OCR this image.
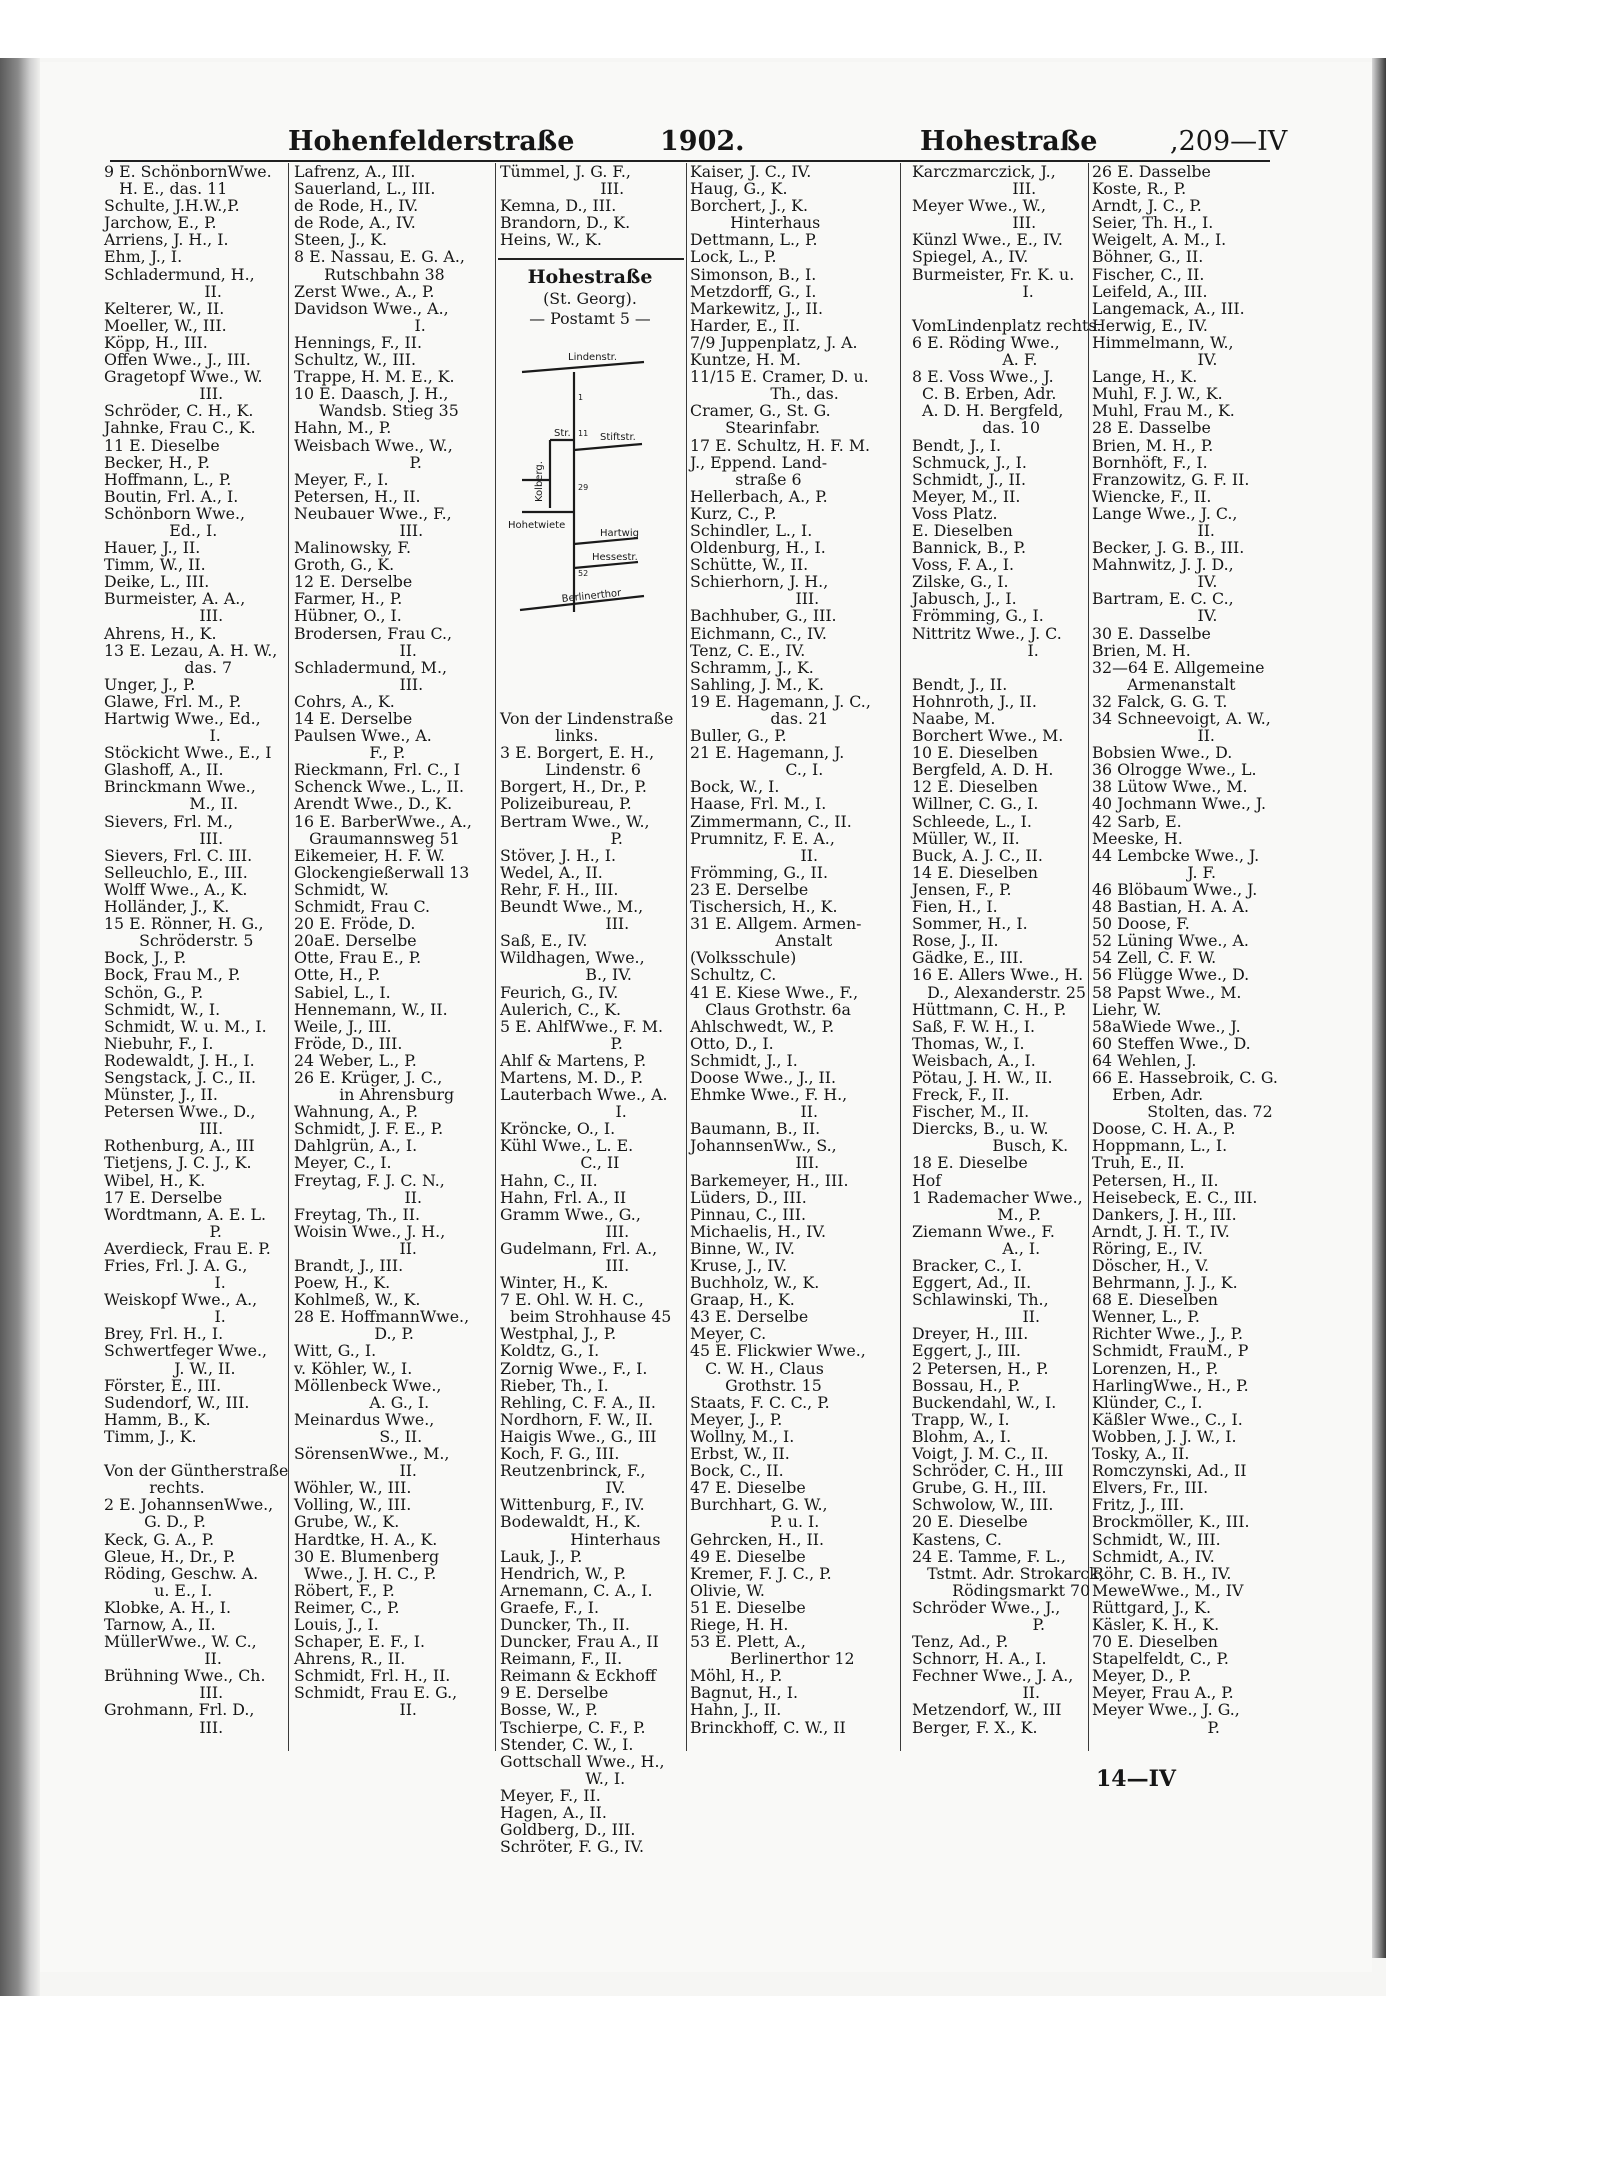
Hohenfelderstraße	1902.	Hohestraße	,209—IV
9 E. SchönbornWwe.
H. E., das. 11
Schulte, J.H.W.,P.
Jarchow, E., P.
Arriens, J. H., I.
Ehm, J., I.
Schladermund, H.,
II.
Kelterer, W., II.
Moeller, W., III.
Köpp, H., III.
Offen Wwe., J., III.
Gragetopf Wwe., W.
III.
Schröder, C. H., K.
Jahnke, Frau C., K.
11 E. Dieselbe
Becker, H., P.
Hoffmann, L., P.
Boutin, Frl. A., I.
Schönborn Wwe.,
Ed., I.
Hauer, J., II.
Timm, W., II.
Deike, L., III.
Burmeister, A. A.,
III.
Ahrens, H., K.
13 E. Lezau, A. H. W.,
das. 7
Unger, J., P.
Glawe, Frl. M., P.
Hartwig Wwe., Ed.,
I.
Stöckicht Wwe., E., I
Glashoff, A., II.
Brinckmann Wwe.,
M., II.
Sievers, Frl. M.,
III.
Sievers, Frl. C. III.
Selleuchlo, E., III.
Wolff Wwe., A., K.
Holländer, J., K.
15 E. Rönner, H. G.,
Schröderstr. 5
Bock, J., P.
Bock, Frau M., P.
Schön, G., P.
Schmidt, W., I.
Schmidt, W. u. M., I.
Niebuhr, F., I.
Rodewaldt, J. H., I.
Sengstack, J. C., II.
Münster, J., II.
Petersen Wwe., D.,
III.
Rothenburg, A., III
Tietjens, J. C. J., K.
Wibel, H., K.
17 E. Derselbe
Wordtmann, A. E. L.
P.
Averdieck, Frau E. P.
Fries, Frl. J. A. G.,
I.
Weiskopf Wwe., A.,
I.
Brey, Frl. H., I.
Schwertfeger Wwe.,
J. W., II.
Förster, E., III.
Sudendorf, W., III.
Hamm, B., K.
Timm, J., K.
Von der Güntherstraße
rechts.
2 E. JohannsenWwe.,
G. D., P.
Keck, G. A., P.
Gleue, H., Dr., P.
Röding, Geschw. A.
u. E., I.
Klobke, A. H., I.
Tarnow, A., II.
MüllerWwe., W. C.,
II.
Brühning Wwe., Ch.
III.
Grohmann, Frl. D.,
III.
Lafrenz, A., III.
Sauerland, L., III.
de Rode, H., IV.
de Rode, A., IV.
Steen, J., K.
8 E. Nassau, E. G. A.,
Rutschbahn 38
Zerst Wwe., A., P.
Davidson Wwe., A.,
I.
Hennings, F., II.
Schultz, W., III.
Trappe, H. M. E., K.
10 E. Daasch, J. H.,
Wandsb. Stieg 35
Hahn, M., P.
Weisbach Wwe., W.,
P.
Meyer, F., I.
Petersen, H., II.
Neubauer Wwe., F.,
III.
Malinowsky, F.
Groth, G., K.
12 E. Derselbe
Farmer, H., P.
Hübner, O., I.
Brodersen, Frau C.,
II.
Schladermund, M.,
III.
Cohrs, A., K.
14 E. Derselbe
Paulsen Wwe., A.
F., P.
Rieckmann, Frl. C., I
Schenck Wwe., L., II.
Arendt Wwe., D., K.
16 E. BarberWwe., A.,
Graumannsweg 51
Eikemeier, H. F. W.
Glockengießerwall 13
Schmidt, W.
Schmidt, Frau C.
20 E. Fröde, D.
20aE. Derselbe
Otte, Frau E., P.
Otte, H., P.
Sabiel, L., I.
Hennemann, W., II.
Weile, J., III.
Fröde, D., III.
24 Weber, L., P.
26 E. Krüger, J. C.,
in Ahrensburg
Wahnung, A., P.
Schmidt, J. F. E., P.
Dahlgrün, A., I.
Meyer, C., I.
Freytag, F. J. C. N.,
II.
Freytag, Th., II.
Woisin Wwe., J. H.,
II.
Brandt, J., III.
Poew, H., K.
Kohlmeß, W., K.
28 E. HoffmannWwe.,
D., P.
Witt, G., I.
v. Köhler, W., I.
Möllenbeck Wwe.,
A. G., I.
Meinardus Wwe.,
S., II.
SörensenWwe., M.,
II.
Wöhler, W., III.
Volling, W., III.
Grube, W., K.
Hardtke, H. A., K.
30 E. Blumenberg
Wwe., J. H. C., P.
Röbert, F., P.
Reimer, C., P.
Louis, J., I.
Schaper, E. F., I.
Ahrens, R., II.
Schmidt, Frl. H., II.
Schmidt, Frau E. G.,
II.
Tümmel, J. G. F.,
III.
Kemna, D., III.
Brandorn, D., K.
Heins, W., K.
Von der Lindenstraße
links.
3 E. Borgert, E. H.,
Lindenstr. 6
Borgert, H., Dr., P.
Polizeibureau, P.
Bertram Wwe., W.,
P.
Stöver, J. H., I.
Wedel, A., II.
Rehr, F. H., III.
Beundt Wwe., M.,
III.
Saß, E., IV.
Wildhagen, Wwe.,
B., IV.
Feurich, G., IV.
Aulerich, C., K.
5 E. AhlfWwe., F. M.
P.
Ahlf & Martens, P.
Martens, M. D., P.
Lauterbach Wwe., A.
I.
Kröncke, O., I.
Kühl Wwe., L. E.
C., II
Hahn, C., II.
Hahn, Frl. A., II
Gramm Wwe., G.,
III.
Gudelmann, Frl. A.,
III.
Winter, H., K.
7 E. Ohl. W. H. C.,
beim Strohhause 45
Westphal, J., P.
Koldtz, G., I.
Zornig Wwe., F., I.
Rieber, Th., I.
Rehling, C. F. A., II.
Nordhorn, F. W., II.
Haigis Wwe., G., III
Koch, F. G., III.
Reutzenbrinck, F.,
IV.
Wittenburg, F., IV.
Bodewaldt, H., K.
Hinterhaus
Lauk, J., P.
Hendrich, W., P.
Arnemann, C. A., I.
Graefe, F., I.
Duncker, Th., II.
Duncker, Frau A., II
Reimann, F., II.
Reimann & Eckhoff
9 E. Derselbe
Bosse, W., P.
Tschierpe, C. F., P.
Stender, C. W., I.
Gottschall Wwe., H.,
W., I.
Meyer, F., II.
Hagen, A., II.
Goldberg, D., III.
Schröter, F. G., IV.
Kaiser, J. C., IV.
Haug, G., K.
Borchert, J., K.
Hinterhaus
Dettmann, L., P.
Lock, L., P.
Simonson, B., I.
Metzdorff, G., I.
Markewitz, J., II.
Harder, E., II.
7/9 Juppenplatz, J. A.
Kuntze, H. M.
11/15 E. Cramer, D. u.
Th., das.
Cramer, G., St. G.
Stearinfabr.
17 E. Schultz, H. F. M.
J., Eppend. Land-
straße 6
Hellerbach, A., P.
Kurz, C., P.
Schindler, L., I.
Oldenburg, H., I.
Schütte, W., II.
Schierhorn, J. H.,
III.
Bachhuber, G., III.
Eichmann, C., IV.
Tenz, C. E., IV.
Schramm, J., K.
Sahling, J. M., K.
19 E. Hagemann, J. C.,
das. 21
Buller, G., P.
21 E. Hagemann, J.
C., I.
Bock, W., I.
Haase, Frl. M., I.
Zimmermann, C., II.
Prumnitz, F. E. A.,
II.
Frömming, G., II.
23 E. Derselbe
Tischersich, H., K.
31 E. Allgem. Armen-
Anstalt
(Volksschule)
Schultz, C.
41 E. Kiese Wwe., F.,
Claus Grothstr. 6a
Ahlschwedt, W., P.
Otto, D., I.
Schmidt, J., I.
Doose Wwe., J., II.
Ehmke Wwe., F. H.,
II.
Baumann, B., II.
JohannsenWw., S.,
III.
Barkemeyer, H., III.
Lüders, D., III.
Pinnau, C., III.
Michaelis, H., IV.
Binne, W., IV.
Kruse, J., IV.
Buchholz, W., K.
Graap, H., K.
43 E. Derselbe
Meyer, C.
45 E. Flickwier Wwe.,
C. W. H., Claus
Grothstr. 15
Staats, F. C. C., P.
Meyer, J., P.
Wollny, M., I.
Erbst, W., II.
Bock, C., II.
47 E. Dieselbe
Burchhart, G. W.,
P. u. I.
Gehrcken, H., II.
49 E. Dieselbe
Kremer, F. J. C., P.
Olivie, W.
51 E. Dieselbe
Riege, H. H.
53 E. Plett, A.,
Berlinerthor 12
Möhl, H., P.
Bagnut, H., I.
Hahn, J., II.
Brinckhoff, C. W., II
Karczmarczick, J.,
III.
Meyer Wwe., W.,
III.
Künzl Wwe., E., IV.
Spiegel, A., IV.
Burmeister, Fr. K. u.
I.
VomLindenplatz rechts.
6 E. Röding Wwe.,
A. F.
8 E. Voss Wwe., J.
C. B. Erben, Adr.
A. D. H. Bergfeld,
das. 10
Bendt, J., I.
Schmuck, J., I.
Schmidt, J., II.
Meyer, M., II.
Voss Platz.
E. Dieselben
Bannick, B., P.
Voss, F. A., I.
Zilske, G., I.
Jabusch, J., I.
Frömming, G., I.
Nittritz Wwe., J. C.
I.
Bendt, J., II.
Hohnroth, J., II.
Naabe, M.
Borchert Wwe., M.
10 E. Dieselben
Bergfeld, A. D. H.
12 E. Dieselben
Willner, C. G., I.
Schleede, L., I.
Müller, W., II.
Buck, A. J. C., II.
14 E. Dieselben
Jensen, F., P.
Fien, H., I.
Sommer, H., I.
Rose, J., II.
Gädke, E., III.
16 E. Allers Wwe., H.
D., Alexanderstr. 25
Hüttmann, C. H., P.
Saß, F. W. H., I.
Thomas, W., I.
Weisbach, A., I.
Pötau, J. H. W., II.
Freck, F., II.
Fischer, M., II.
Diercks, B., u. W.
Busch, K.
18 E. Dieselbe
Hof
1 Rademacher Wwe.,
M., P.
Ziemann Wwe., F.
A., I.
Bracker, C., I.
Eggert, Ad., II.
Schlawinski, Th.,
II.
Dreyer, H., III.
Eggert, J., III.
2 Petersen, H., P.
Bossau, H., P.
Buckendahl, W., I.
Trapp, W., I.
Blohm, A., I.
Voigt, J. M. C., II.
Schröder, C. H., III
Grube, G. H., III.
Schwolow, W., III.
20 E. Dieselbe
Kastens, C.
24 E. Tamme, F. L.,
Tstmt. Adr. Strokarck,
Rödingsmarkt 70
Schröder Wwe., J.,
P.
Tenz, Ad., P.
Schnorr, H. A., I.
Fechner Wwe., J. A.,
II.
Metzendorf, W., III
Berger, F. X., K.
26 E. Dasselbe
Koste, R., P.
Arndt, J. C., P.
Seier, Th. H., I.
Weigelt, A. M., I.
Böhner, G., II.
Fischer, C., II.
Leifeld, A., III.
Langemack, A., III.
Herwig, E., IV.
Himmelmann, W.,
IV.
Lange, H., K.
Muhl, F. J. W., K.
Muhl, Frau M., K.
28 E. Dasselbe
Brien, M. H., P.
Bornhöft, F., I.
Franzowitz, G. F. II.
Wiencke, F., II.
Lange Wwe., J. C.,
II.
Becker, J. G. B., III.
Mahnwitz, J. J. D.,
IV.
Bartram, E. C. C.,
IV.
30 E. Dasselbe
Brien, M. H.
32—64 E. Allgemeine
Armenanstalt
32 Falck, G. G. T.
34 Schneevoigt, A. W.,
II.
Bobsien Wwe., D.
36 Olrogge Wwe., L.
38 Lütow Wwe., M.
40 Jochmann Wwe., J.
42 Sarb, E.
Meeske, H.
44 Lembcke Wwe., J.
J. F.
46 Blöbaum Wwe., J.
48 Bastian, H. A. A.
50 Doose, F.
52 Lüning Wwe., A.
54 Zell, C. F. W.
56 Flügge Wwe., D.
58 Papst Wwe., M.
Liehr, W.
58aWiede Wwe., J.
60 Steffen Wwe., D.
64 Wehlen, J.
66 E. Hassebroik, C. G.
Erben, Adr.
Stolten, das. 72
Doose, C. H. A., P.
Hoppmann, L., I.
Truh, E., II.
Petersen, H., II.
Heisebeck, E. C., III.
Dankers, J. H., III.
Arndt, J. H. T., IV.
Röring, E., IV.
Döscher, H., V.
Behrmann, J. J., K.
68 E. Dieselben
Wenner, L., P.
Richter Wwe., J., P.
Schmidt, FrauM., P
Lorenzen, H., P.
HarlingWwe., H., P.
Klünder, C., I.
Käßler Wwe., C., I.
Wobben, J. J. W., I.
Tosky, A., II.
Romczynski, Ad., II
Elvers, Fr., III.
Fritz, J., III.
Brockmöller, K., III.
Schmidt, W., III.
Schmidt, A., IV.
Röhr, C. B. H., IV.
MeweWwe., M., IV
Rüttgard, J., K.
Käsler, K. H., K.
70 E. Dieselben
Stapelfeldt, C., P.
Meyer, D., P.
Meyer, Frau A., P.
Meyer Wwe., J. G.,
P.
Hohestraße
(St. Georg).
— Postamt 5 —
Lindenstr.
Str.	Stiftstr.
Kolberg.
Hohetwiete
Hartwig
Hessestr.
Berlinerthor
1
11
29
52
14—IV
